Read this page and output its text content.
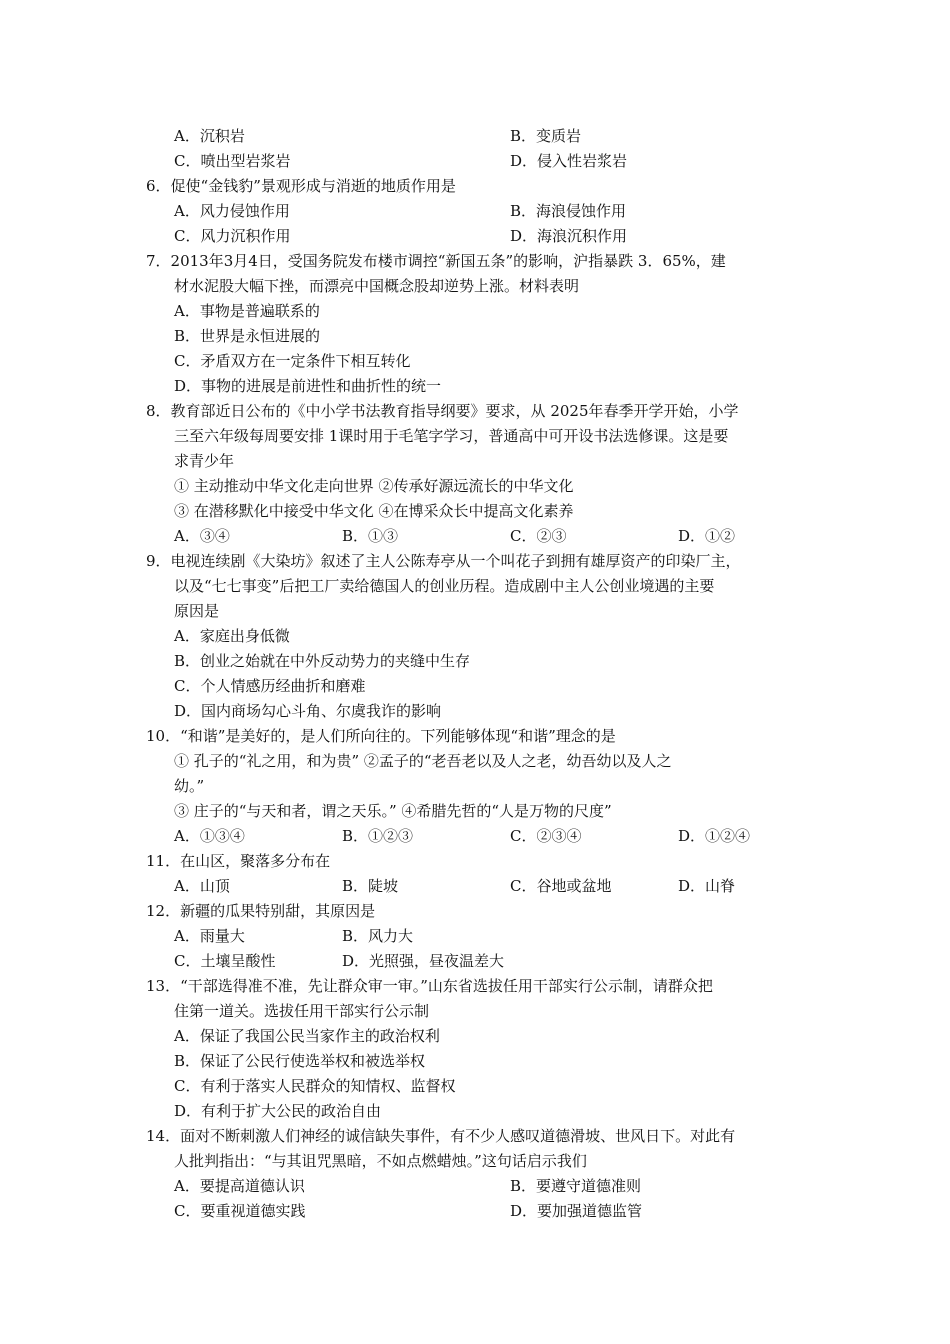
A．沉积岩	B．变质岩
C．喷出型岩浆岩	D．侵入性岩浆岩
6．促使“金钱豹”景观形成与消逝的地质作用是
A．风力侵蚀作用	B．海浪侵蚀作用
C．风力沉积作用	D．海浪沉积作用
7．2013年3月4日，受国务院发布楼市调控“新国五条”的影响，沪指暴跌 3．65%，建
材水泥股大幅下挫，而漂亮中国概念股却逆势上涨。材料表明
A．事物是普遍联系的
B．世界是永恒进展的
C．矛盾双方在一定条件下相互转化
D．事物的进展是前进性和曲折性的统一
8．教育部近日公布的《中小学书法教育指导纲要》要求，从 2025年春季开学开始，小学
三至六年级每周要安排 1课时用于毛笔字学习，普通高中可开设书法选修课。这是要
求青少年
① 主动推动中华文化走向世界 ②传承好源远流长的中华文化
③ 在潜移默化中接受中华文化 ④在博采众长中提高文化素养
A．③④	B．①③	C．②③	D．①②
9．电视连续剧《大染坊》叙述了主人公陈寿亭从一个叫花子到拥有雄厚资产的印染厂主，
以及“七七事变”后把工厂卖给德国人的创业历程。造成剧中主人公创业境遇的主要
原因是
A．家庭出身低微
B．创业之始就在中外反动势力的夹缝中生存
C．个人情感历经曲折和磨难
D．国内商场勾心斗角、尔虞我诈的影响
10．“和谐”是美好的，是人们所向往的。下列能够体现“和谐”理念的是
① 孔子的“礼之用，和为贵” ②孟子的“老吾老以及人之老，幼吾幼以及人之
幼。”
③ 庄子的“与天和者，谓之天乐。” ④希腊先哲的“人是万物的尺度”
A．①③④	B．①②③	C．②③④	D．①②④
11．在山区，聚落多分布在
A．山顶	B．陡坡	C．谷地或盆地	D．山脊
12．新疆的瓜果特别甜，其原因是
A．雨量大	B．风力大
C．土壤呈酸性	D．光照强，昼夜温差大
13．“干部选得准不准，先让群众审一审。”山东省选拔任用干部实行公示制，请群众把
住第一道关。选拔任用干部实行公示制
A．保证了我国公民当家作主的政治权利
B．保证了公民行使选举权和被选举权
C．有利于落实人民群众的知情权、监督权
D．有利于扩大公民的政治自由
14．面对不断刺激人们神经的诚信缺失事件，有不少人感叹道德滑坡、世风日下。对此有
人批判指出：“与其诅咒黑暗，不如点燃蜡烛。”这句话启示我们
A．要提高道德认识	B．要遵守道德准则
C．要重视道德实践	D．要加强道德监管
